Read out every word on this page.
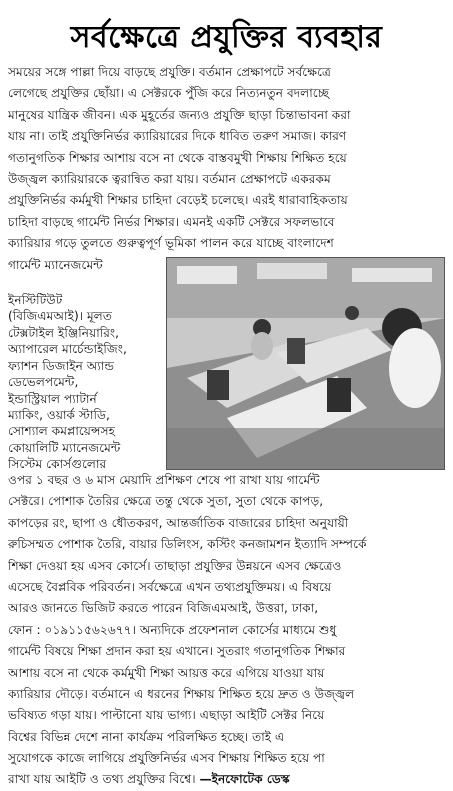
সর্বক্ষেত্রে প্রযুক্তির ব্যবহার
সময়ের সঙ্গে পাল্লা দিয়ে বাড়ছে প্রযুক্তি। বর্তমান প্রেক্ষাপটে সর্বক্ষেত্রে
লেগেছে প্রযুক্তির ছোঁয়া। এ সেক্টরকে পুঁজি করে নিত্যনতুন বদলাচ্ছে
মানুষের যান্ত্রিক জীবন। এক মুহূর্তের জন্যও প্রযুক্তি ছাড়া চিন্তাভাবনা করা
যায় না। তাই প্রযুক্তিনির্ভর ক্যারিয়ারের দিকে ধাবিত তরুণ সমাজ। কারণ
গতানুগতিক শিক্ষার আশায় বসে না থেকে বাস্তবমুখী শিক্ষায় শিক্ষিত হয়ে
উজ্জ্বল ক্যারিয়ারকে ত্বরান্বিত করা যায়। বর্তমান প্রেক্ষাপটে একরকম
প্রযুক্তিনির্ভর কর্মমুখী শিক্ষার চাহিদা বেড়েই চলেছে। এরই ধারাবাহিকতায়
চাহিদা বাড়ছে গার্মেন্ট নির্ভর শিক্ষার। এমনই একটি সেক্টরে সফলভাবে
ক্যারিয়ার গড়ে তুলতে গুরুত্বপূর্ণ ভূমিকা পালন করে যাচ্ছে বাংলাদেশ
গার্মেন্ট ম্যানেজমেন্ট
ইনস্টিটিউট
(বিজিএমআই)। মূলত
টেক্সটাইল ইঞ্জিনিয়ারিং,
অ্যাপারেল মার্চেন্ডাইজিং,
ফ্যাশন ডিজাইন অ্যান্ড
ডেভেলপমেন্ট,
ইন্ডাস্ট্রিয়াল প্যাটার্ন
ম্যাকিং, ওয়ার্ক স্টাডি,
সোশ্যাল কমপ্লায়েন্সসহ
কোয়ালিটি ম্যানেজমেন্ট
সিস্টেম কোর্সগুলোর
ওপর ১ বছর ও ৬ মাস মেয়াদি প্রশিক্ষণ শেষে পা রাখা যায় গার্মেন্ট
সেক্টরে। পোশাক তৈরির ক্ষেত্রে তন্তু থেকে সুতা, সুতা থেকে কাপড়,
কাপড়ের রং, ছাপা ও ধৌতকরণ, আন্তর্জাতিক বাজারের চাহিদা অনুযায়ী
রুচিসম্মত পোশাক তৈরি, বায়ার ডিলিংস, কস্টিং কনজামশন ইত্যাদি সম্পর্কে
শিক্ষা দেওয়া হয় এসব কোর্সে। তাছাড়া প্রযুক্তির উন্নয়নে এসব ক্ষেত্রেও
এসেছে বৈপ্লবিক পরিবর্তন। সর্বক্ষেত্রে এখন তথ্যপ্রযুক্তিময়। এ বিষয়ে
আরও জানতে ভিজিট করতে পারেন বিজিএমআই, উত্তরা, ঢাকা,
ফোন : ০১৯১১৫৬২৬৭৭। অন্যদিকে প্রফেশনাল কোর্সের মাধ্যমে শুধু
গার্মেন্ট বিষয়ে শিক্ষা প্রদান করা হয় এখানে। সুতরাং গতানুগতিক শিক্ষার
আশায় বসে না থেকে কর্মমুখী শিক্ষা আয়ত্ত করে এগিয়ে যাওয়া যায়
ক্যারিয়ার দৌড়ে। বর্তমানে এ ধরনের শিক্ষায় শিক্ষিত হয়ে দ্রুত ও উজ্জ্বল
ভবিষ্যত গড়া যায়। পাল্টানো যায় ভাগ্য। এছাড়া আইটি সেক্টর নিয়ে
বিশ্বের বিভিন্ন দেশে নানা কার্যক্রম পরিলক্ষিত হচ্ছে। তাই এ
সুযোগকে কাজে লাগিয়ে প্রযুক্তিনির্ভর এসব শিক্ষায় শিক্ষিত হয়ে পা
রাখা যায় আইটি ও তথ্য প্রযুক্তির বিশ্বে। —ইনফোটেক ডেস্ক
